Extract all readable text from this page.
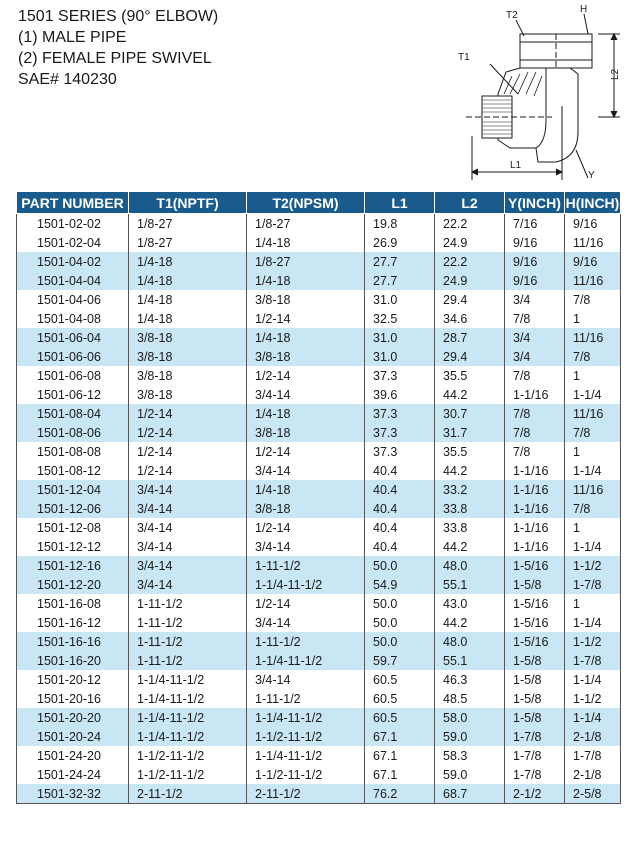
1501 SERIES (90° ELBOW)
(1) MALE PIPE
(2) FEMALE PIPE SWIVEL
SAE# 140230
T2
H
T1
L2
L1
Y
PART NUMBER	T1(NPTF)	T2(NPSM)	L1	L2	Y(INCH)	H(INCH)
1501-02-02	1/8-27	1/8-27	19.8	22.2	7/16	9/16
1501-02-04	1/8-27	1/4-18	26.9	24.9	9/16	11/16
1501-04-02	1/4-18	1/8-27	27.7	22.2	9/16	9/16
1501-04-04	1/4-18	1/4-18	27.7	24.9	9/16	11/16
1501-04-06	1/4-18	3/8-18	31.0	29.4	3/4	7/8
1501-04-08	1/4-18	1/2-14	32.5	34.6	7/8	1
1501-06-04	3/8-18	1/4-18	31.0	28.7	3/4	11/16
1501-06-06	3/8-18	3/8-18	31.0	29.4	3/4	7/8
1501-06-08	3/8-18	1/2-14	37.3	35.5	7/8	1
1501-06-12	3/8-18	3/4-14	39.6	44.2	1-1/16	1-1/4
1501-08-04	1/2-14	1/4-18	37.3	30.7	7/8	11/16
1501-08-06	1/2-14	3/8-18	37.3	31.7	7/8	7/8
1501-08-08	1/2-14	1/2-14	37.3	35.5	7/8	1
1501-08-12	1/2-14	3/4-14	40.4	44.2	1-1/16	1-1/4
1501-12-04	3/4-14	1/4-18	40.4	33.2	1-1/16	11/16
1501-12-06	3/4-14	3/8-18	40.4	33.8	1-1/16	7/8
1501-12-08	3/4-14	1/2-14	40.4	33.8	1-1/16	1
1501-12-12	3/4-14	3/4-14	40.4	44.2	1-1/16	1-1/4
1501-12-16	3/4-14	1-11-1/2	50.0	48.0	1-5/16	1-1/2
1501-12-20	3/4-14	1-1/4-11-1/2	54.9	55.1	1-5/8	1-7/8
1501-16-08	1-11-1/2	1/2-14	50.0	43.0	1-5/16	1
1501-16-12	1-11-1/2	3/4-14	50.0	44.2	1-5/16	1-1/4
1501-16-16	1-11-1/2	1-11-1/2	50.0	48.0	1-5/16	1-1/2
1501-16-20	1-11-1/2	1-1/4-11-1/2	59.7	55.1	1-5/8	1-7/8
1501-20-12	1-1/4-11-1/2	3/4-14	60.5	46.3	1-5/8	1-1/4
1501-20-16	1-1/4-11-1/2	1-11-1/2	60.5	48.5	1-5/8	1-1/2
1501-20-20	1-1/4-11-1/2	1-1/4-11-1/2	60.5	58.0	1-5/8	1-1/4
1501-20-24	1-1/4-11-1/2	1-1/2-11-1/2	67.1	59.0	1-7/8	2-1/8
1501-24-20	1-1/2-11-1/2	1-1/4-11-1/2	67.1	58.3	1-7/8	1-7/8
1501-24-24	1-1/2-11-1/2	1-1/2-11-1/2	67.1	59.0	1-7/8	2-1/8
1501-32-32	2-11-1/2	2-11-1/2	76.2	68.7	2-1/2	2-5/8
